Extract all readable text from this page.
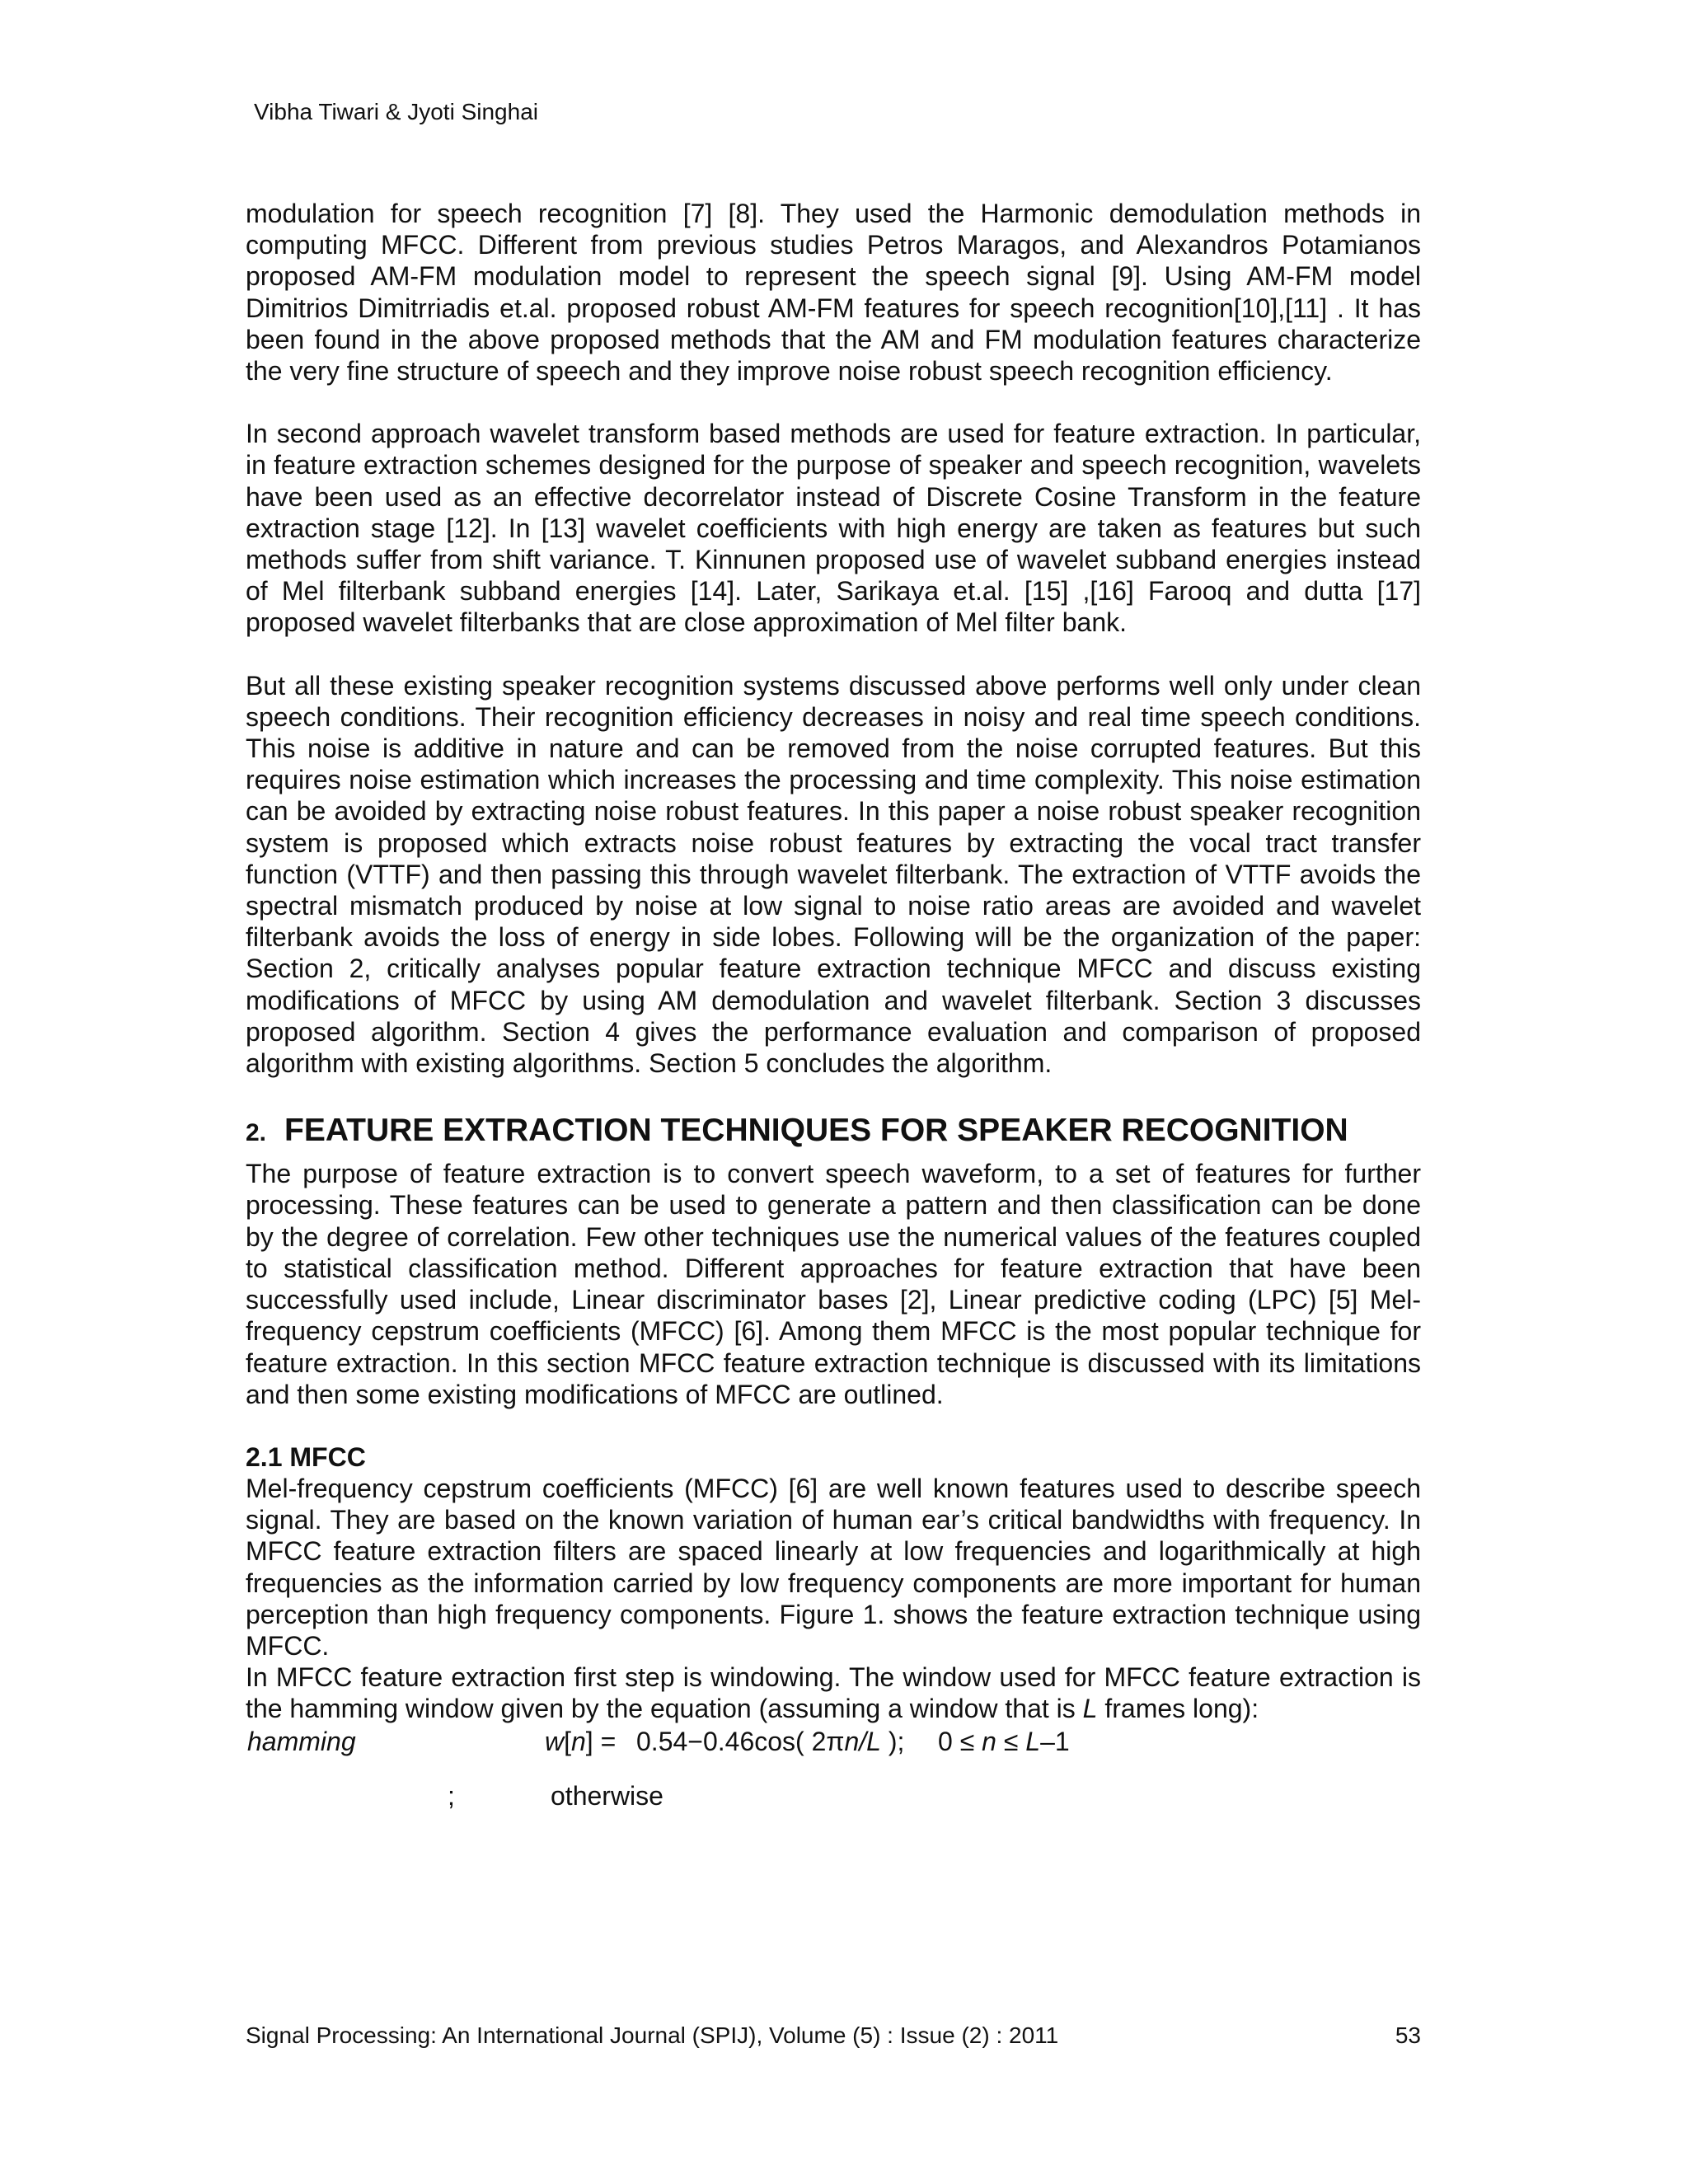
Vibha Tiwari & Jyoti Singhai

modulation for speech recognition [7] [8]. They used the Harmonic demodulation methods in computing MFCC. Different from previous studies Petros Maragos, and Alexandros Potamianos proposed AM-FM modulation model to represent the speech signal [9]. Using AM-FM model Dimitrios Dimitrriadis et.al. proposed robust AM-FM features for speech recognition[10],[11] . It has been found in the above proposed methods that the AM and FM modulation features characterize the very fine structure of speech and they improve noise robust speech recognition efficiency.

In second approach wavelet transform based methods are used for feature extraction. In particular, in feature extraction schemes designed for the purpose of speaker and speech recognition, wavelets have been used as an effective decorrelator instead of Discrete Cosine Transform in the feature extraction stage [12]. In [13] wavelet coefficients with high energy are taken as features but such methods suffer from shift variance. T. Kinnunen proposed use of wavelet subband energies instead of Mel filterbank subband energies [14]. Later, Sarikaya et.al. [15] ,[16] Farooq and dutta [17] proposed wavelet filterbanks that are close approximation of Mel filter bank.

But all these existing speaker recognition systems discussed above performs well only under clean speech conditions. Their recognition efficiency decreases in noisy and real time speech conditions. This noise is additive in nature and can be removed from the noise corrupted features. But this requires noise estimation which increases the processing and time complexity. This noise estimation can be avoided by extracting noise robust features. In this paper a noise robust speaker recognition system is proposed which extracts noise robust features by extracting the vocal tract transfer function (VTTF) and then passing this through wavelet filterbank. The extraction of VTTF avoids the spectral mismatch produced by noise at low signal to noise ratio areas are avoided and wavelet filterbank avoids the loss of energy in side lobes. Following will be the organization of the paper: Section 2, critically analyses popular feature extraction technique MFCC and discuss existing modifications of MFCC by using AM demodulation and wavelet filterbank. Section 3 discusses proposed algorithm. Section 4 gives the performance evaluation and comparison of proposed algorithm with existing algorithms. Section 5 concludes the algorithm.

2. FEATURE EXTRACTION TECHNIQUES FOR SPEAKER RECOGNITION

The purpose of feature extraction is to convert speech waveform, to a set of features for further processing. These features can be used to generate a pattern and then classification can be done by the degree of correlation. Few other techniques use the numerical values of the features coupled to statistical classification method. Different approaches for feature extraction that have been successfully used include, Linear discriminator bases [2], Linear predictive coding (LPC) [5] Mel-frequency cepstrum coefficients (MFCC) [6]. Among them MFCC is the most popular technique for feature extraction. In this section MFCC feature extraction technique is discussed with its limitations and then some existing modifications of MFCC are outlined.

2.1 MFCC

Mel-frequency cepstrum coefficients (MFCC) [6] are well known features used to describe speech signal. They are based on the known variation of human ear’s critical bandwidths with frequency. In MFCC feature extraction filters are spaced linearly at low frequencies and logarithmically at high frequencies as the information carried by low frequency components are more important for human perception than high frequency components. Figure 1. shows the feature extraction technique using MFCC.

In MFCC feature extraction first step is windowing. The window used for MFCC feature extraction is the hamming window given by the equation (assuming a window that is L frames long):

hamming	w[n] = 0.54−0.46cos( 2πn/L ); 0 ≤ n ≤ L–1
;	otherwise
Signal Processing: An International Journal (SPIJ), Volume (5) : Issue (2) : 2011	53
